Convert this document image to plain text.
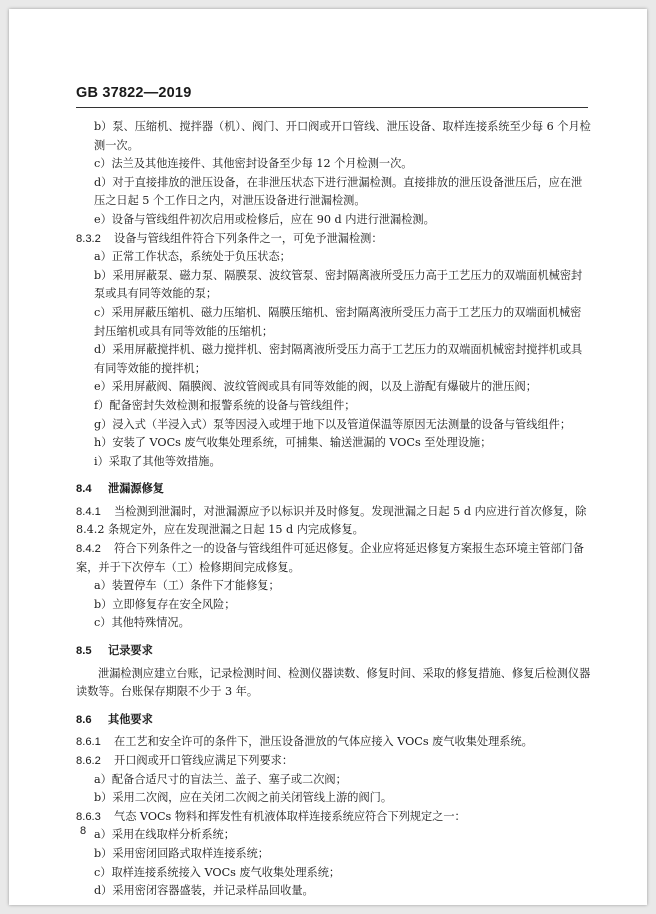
GB 37822—2019
b）泵、压缩机、搅拌器（机）、阀门、开口阀或开口管线、泄压设备、取样连接系统至少每 6 个月检测一次。
c）法兰及其他连接件、其他密封设备至少每 12 个月检测一次。
d）对于直接排放的泄压设备，在非泄压状态下进行泄漏检测。直接排放的泄压设备泄压后，应在泄压之日起 5 个工作日之内，对泄压设备进行泄漏检测。
e）设备与管线组件初次启用或检修后，应在 90 d 内进行泄漏检测。
8.3.2 设备与管线组件符合下列条件之一，可免予泄漏检测：
a）正常工作状态，系统处于负压状态；
b）采用屏蔽泵、磁力泵、隔膜泵、波纹管泵、密封隔离液所受压力高于工艺压力的双端面机械密封泵或具有同等效能的泵；
c）采用屏蔽压缩机、磁力压缩机、隔膜压缩机、密封隔离液所受压力高于工艺压力的双端面机械密封压缩机或具有同等效能的压缩机；
d）采用屏蔽搅拌机、磁力搅拌机、密封隔离液所受压力高于工艺压力的双端面机械密封搅拌机或具有同等效能的搅拌机；
e）采用屏蔽阀、隔膜阀、波纹管阀或具有同等效能的阀，以及上游配有爆破片的泄压阀；
f）配备密封失效检测和报警系统的设备与管线组件；
g）浸入式（半浸入式）泵等因浸入或埋于地下以及管道保温等原因无法测量的设备与管线组件；
h）安装了 VOCs 废气收集处理系统，可捕集、输送泄漏的 VOCs 至处理设施；
i）采取了其他等效措施。
8.4 泄漏源修复
8.4.1 当检测到泄漏时，对泄漏源应予以标识并及时修复。发现泄漏之日起 5 d 内应进行首次修复，除 8.4.2 条规定外，应在发现泄漏之日起 15 d 内完成修复。
8.4.2 符合下列条件之一的设备与管线组件可延迟修复。企业应将延迟修复方案报生态环境主管部门备案，并于下次停车（工）检修期间完成修复。
a）装置停车（工）条件下才能修复；
b）立即修复存在安全风险；
c）其他特殊情况。
8.5 记录要求
泄漏检测应建立台账，记录检测时间、检测仪器读数、修复时间、采取的修复措施、修复后检测仪器读数等。台账保存期限不少于 3 年。
8.6 其他要求
8.6.1 在工艺和安全许可的条件下，泄压设备泄放的气体应接入 VOCs 废气收集处理系统。
8.6.2 开口阀或开口管线应满足下列要求：
a）配备合适尺寸的盲法兰、盖子、塞子或二次阀；
b）采用二次阀，应在关闭二次阀之前关闭管线上游的阀门。
8.6.3 气态 VOCs 物料和挥发性有机液体取样连接系统应符合下列规定之一：
a）采用在线取样分析系统；
b）采用密闭回路式取样连接系统；
c）取样连接系统接入 VOCs 废气收集处理系统；
d）采用密闭容器盛装，并记录样品回收量。
8
